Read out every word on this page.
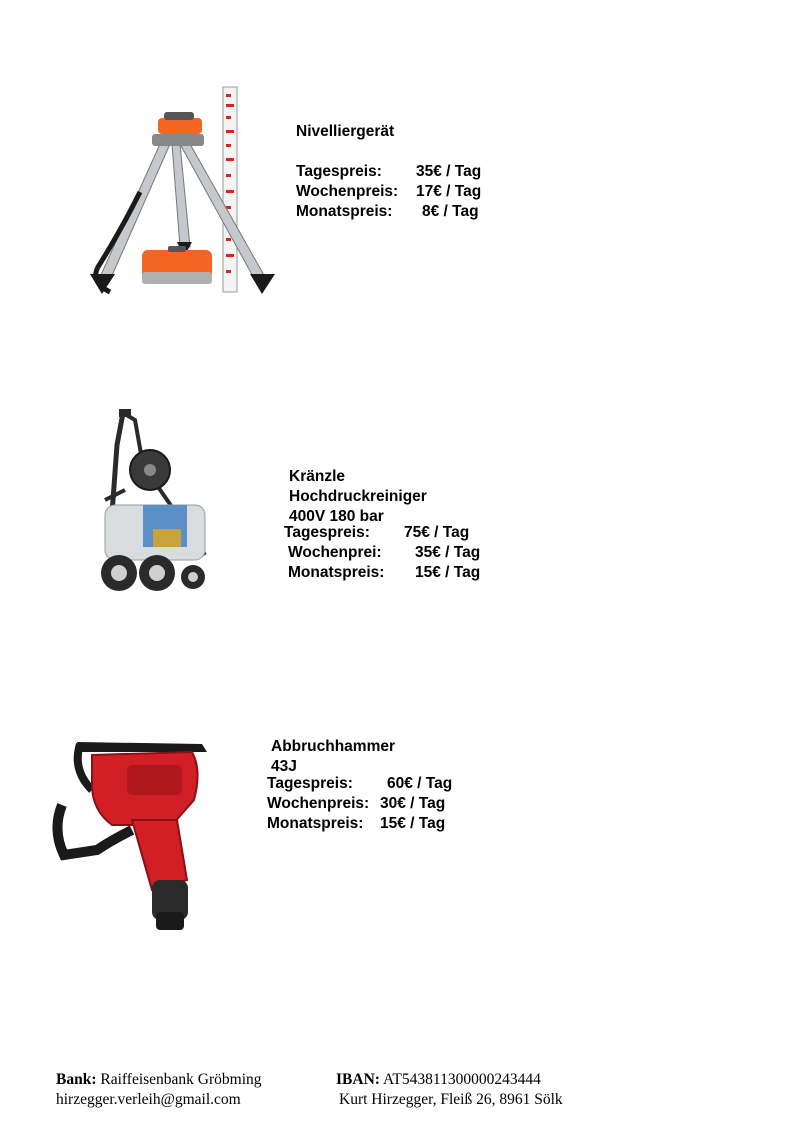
Nivelliergerät
Tagespreis:	35€ / Tag
Wochenpreis:	17€ / Tag
Monatspreis:	8€ / Tag
Kränzle Hochdruckreiniger 400V 180 bar
Tagespreis:	75€ / Tag
Wochenprei:	35€ / Tag
Monatspreis:	15€ / Tag
Abbruchhammer 43J
Tagespreis:	60€ / Tag
Wochenpreis: 30€ / Tag
Monatspreis:	15€ / Tag
Bank: Raiffeisenbank Gröbming
hirzegger.verleih@gmail.com
IBAN: AT543811300000243444
Kurt Hirzegger, Fleiß 26, 8961 Sölk
